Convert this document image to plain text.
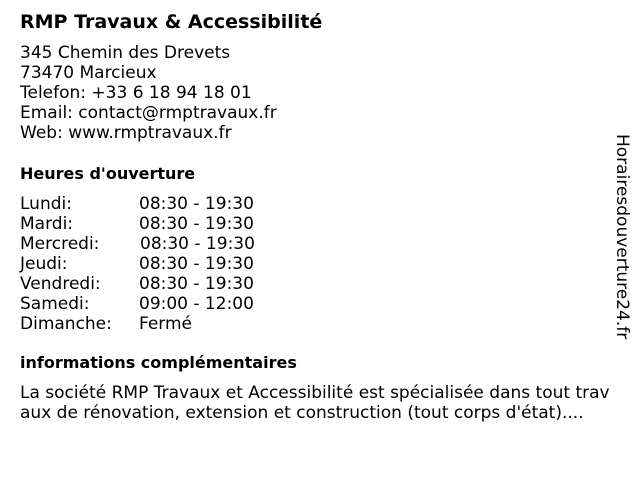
RMP Travaux & Accessibilité
345 Chemin des Drevets
73470 Marcieux
Telefon: +33 6 18 94 18 01
Email: contact@rmptravaux.fr
Web: www.rmptravaux.fr
Heures d'ouverture
Lundi:	08:30 - 19:30
Mardi:	08:30 - 19:30
Mercredi: 08:30 - 19:30
Jeudi:	08:30 - 19:30
Vendredi: 08:30 - 19:30
Samedi:	09:00 - 12:00
Dimanche: Fermé
informations complémentaires
La société RMP Travaux et Accessibilité est spécialisée dans tout trav
aux de rénovation, extension et construction (tout corps d'état)....
Horairesdouverture24.fr
